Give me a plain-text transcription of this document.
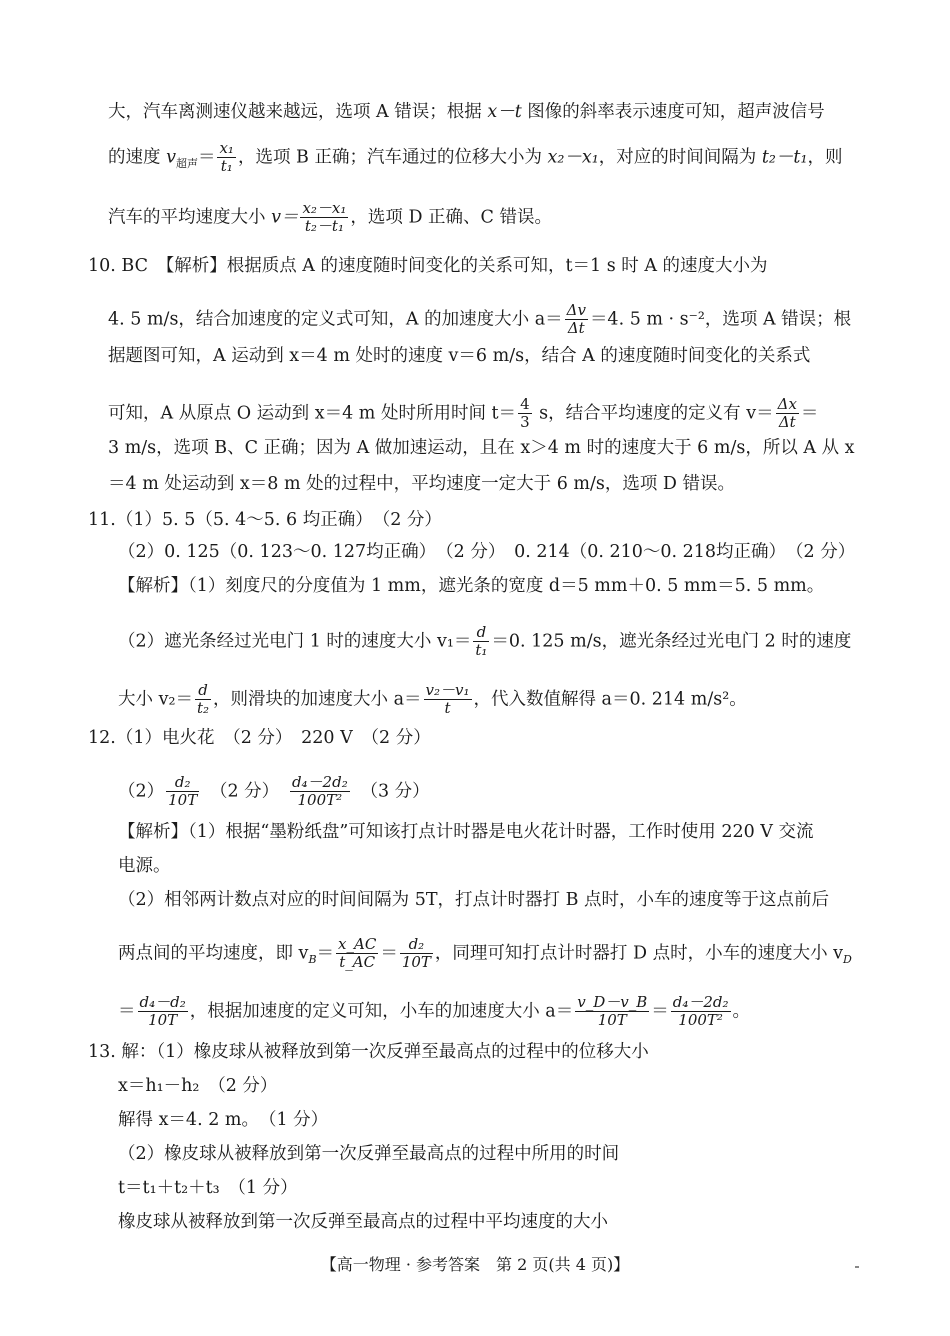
大，汽车离测速仪越来越远，选项 A 错误；根据 x－t 图像的斜率表示速度可知，超声波信号
的速度 $v_{超声}= \frac{\text{x₁}}{\text{t₁}}$ ，选项 B 正确；汽车通过的位移大小为 x₂－x₁，对应的时间间隔为 t₂－t₁，则
汽车的平均速度大小 $v= \frac{\text{x₂－x₁}}{\text{t₂－t₁}}$ ，选项 D 正确、C 错误。
10. BC　【解析】根据质点 A 的速度随时间变化的关系可知，t＝1 s 时 A 的速度大小为
4. 5 m/s，结合加速度的定义式可知，A 的加速度大小 $a= \frac{\Delta v}{\Delta t} =4$. 5 m · s⁻²，选项 A 错误；根
据题图可知，A 运动到 x＝4 m 处时的速度 v＝6 m/s，结合 A 的速度随时间变化的关系式
可知，A 从原点 O 运动到 x＝4 m 处时所用时间 $t= \frac{4}{3}$ s，结合平均速度的定义有 $v= \frac{\Delta x}{\Delta t}$ ＝
3 m/s，选项 B、C 正确；因为 A 做加速运动，且在 x＞4 m 时的速度大于 6 m/s，所以 A 从 x
＝4 m 处运动到 x＝8 m 处的过程中，平均速度一定大于 6 m/s，选项 D 错误。
11.（1）5. 5（5. 4～5. 6 均正确）　（2 分）
（2）0. 125（0. 123～0. 127均正确）　（2 分）　0. 214（0. 210～0. 218均正确）　（2 分）
【解析】（1）刻度尺的分度值为 1 mm，遮光条的宽度 d＝5 mm＋0. 5 mm＝5. 5 mm。
（2）遮光条经过光电门 1 时的速度大小 $v_1= \frac{d}{\text{t₁}} =0$. 125 m/s，遮光条经过光电门 2 时的速度
大小 $v_2= \frac{d}{\text{t₂}}$ ，则滑块的加速度大小 $a= \frac{\text{v₂－v₁}}{t}$ ，代入数值解得 a＝0. 214 m/s²。
12.（1）电火花　（2 分）　220 V　（2 分）
$(2) \frac{\text{d₂}}{10T}$ 　（2 分）　 $\frac{\text{d₄－2d₂}}{\text{100T²}}$ 　（3 分）
【解析】（1）根据“墨粉纸盘”可知该打点计时器是电火花计时器，工作时使用 220 V 交流
电源。
（2）相邻两计数点对应的时间间隔为 5T，打点计时器打 B 点时，小车的速度等于这点前后
两点间的平均速度，即 $v_B= \frac{x\_AC}{t\_AC} = \frac{\text{d₂}}{10T}$ ，同理可知打点计时器打 D 点时，小车的速度大小 $v_D$
＝ $\frac{\text{d₄－d₂}}{10T}$ ，根据加速度的定义可知，小车的加速度大小 $a= \frac{v\_D-v\_B}{10T} = \frac{\text{d₄－2d₂}}{\text{100T²}}$ 。
13. 解：（1）橡皮球从被释放到第一次反弹至最高点的过程中的位移大小
x＝h₁－h₂　（2 分）
解得 x＝4. 2 m。　（1 分）
（2）橡皮球从被释放到第一次反弹至最高点的过程中所用的时间
t＝t₁＋t₂＋t₃　（1 分）
橡皮球从被释放到第一次反弹至最高点的过程中平均速度的大小
【高一物理 · 参考答案　第 2 页(共 4 页)】
